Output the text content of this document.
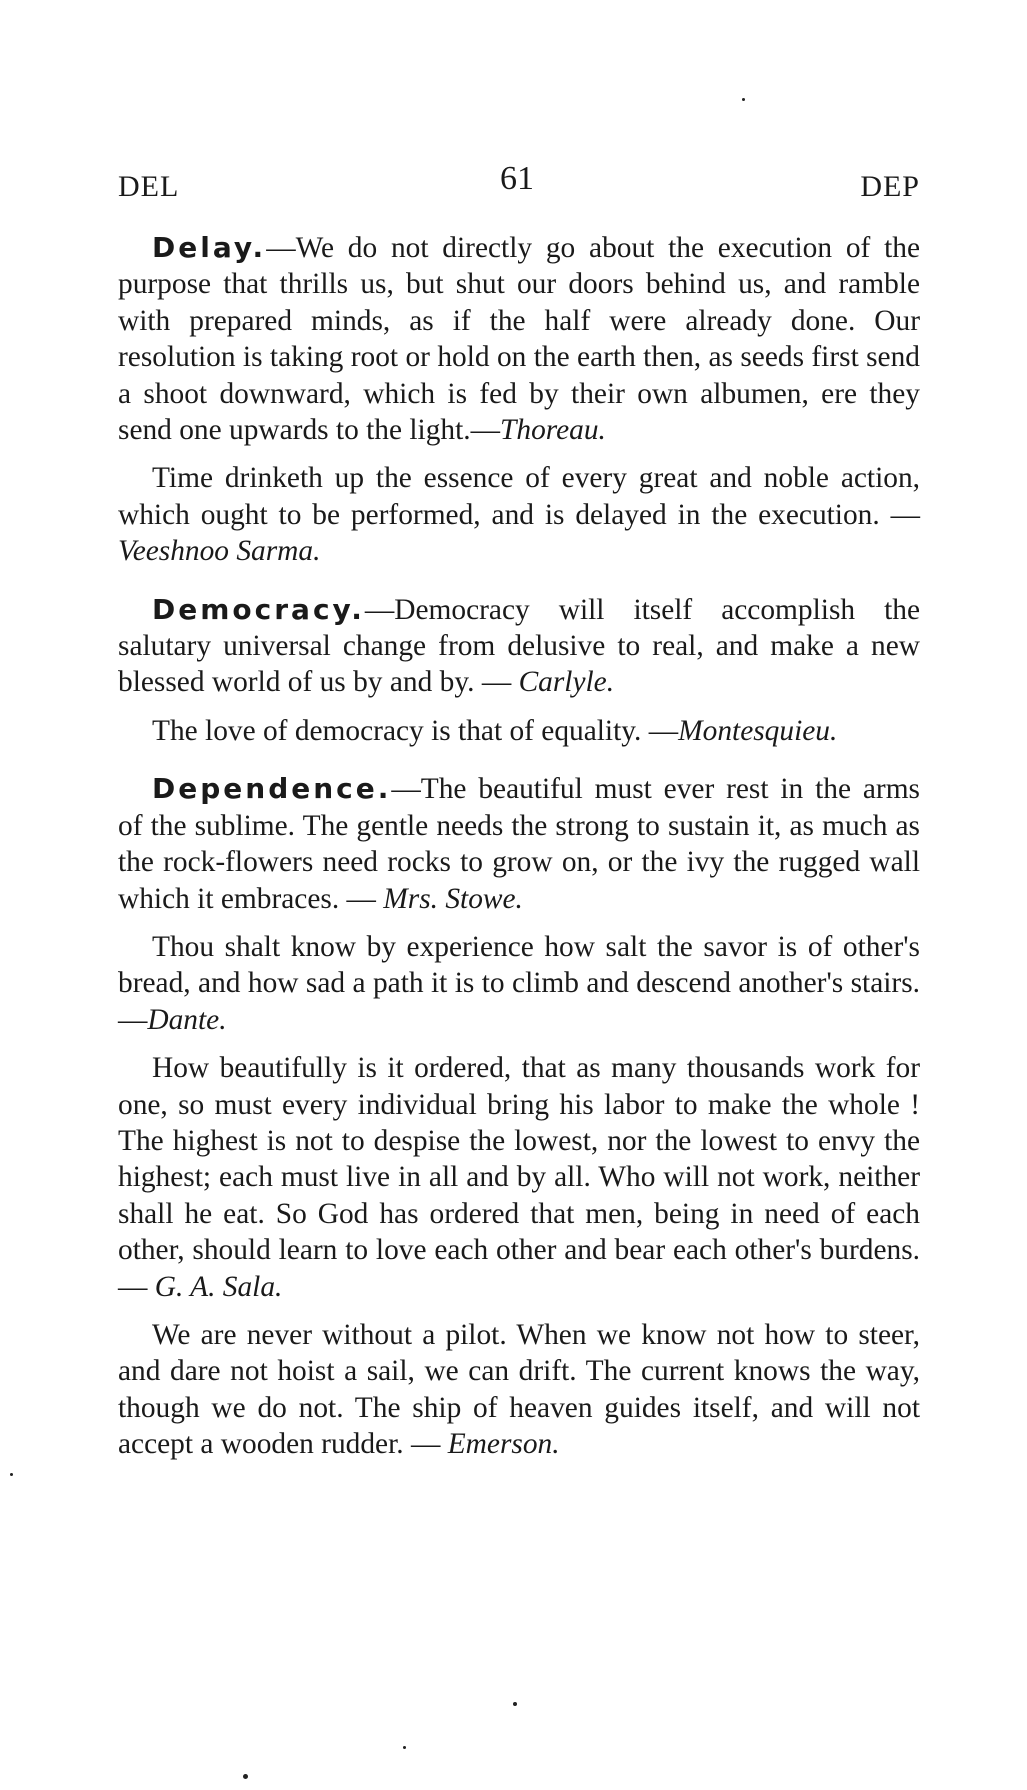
DEL	61	DEP

Delay.—We do not directly go about the execution of the purpose that thrills us, but shut our doors behind us, and ramble with prepared minds, as if the half were already done. Our resolution is taking root or hold on the earth then, as seeds first send a shoot downward, which is fed by their own albumen, ere they send one upwards to the light.—Thoreau.

Time drinketh up the essence of every great and noble action, which ought to be performed, and is delayed in the execution. —Veeshnoo Sarma.

Democracy.—Democracy will itself accomplish the salutary universal change from delusive to real, and make a new blessed world of us by and by. — Carlyle.

The love of democracy is that of equality. —Montesquieu.

Dependence.—The beautiful must ever rest in the arms of the sublime. The gentle needs the strong to sustain it, as much as the rock-flowers need rocks to grow on, or the ivy the rugged wall which it embraces. — Mrs. Stowe.

Thou shalt know by experience how salt the savor is of other's bread, and how sad a path it is to climb and descend another's stairs. —Dante.

How beautifully is it ordered, that as many thousands work for one, so must every individual bring his labor to make the whole ! The highest is not to despise the lowest, nor the lowest to envy the highest; each must live in all and by all. Who will not work, neither shall he eat. So God has ordered that men, being in need of each other, should learn to love each other and bear each other's burdens. — G. A. Sala.

We are never without a pilot. When we know not how to steer, and dare not hoist a sail, we can drift. The current knows the way, though we do not. The ship of heaven guides itself, and will not accept a wooden rudder. — Emerson.
